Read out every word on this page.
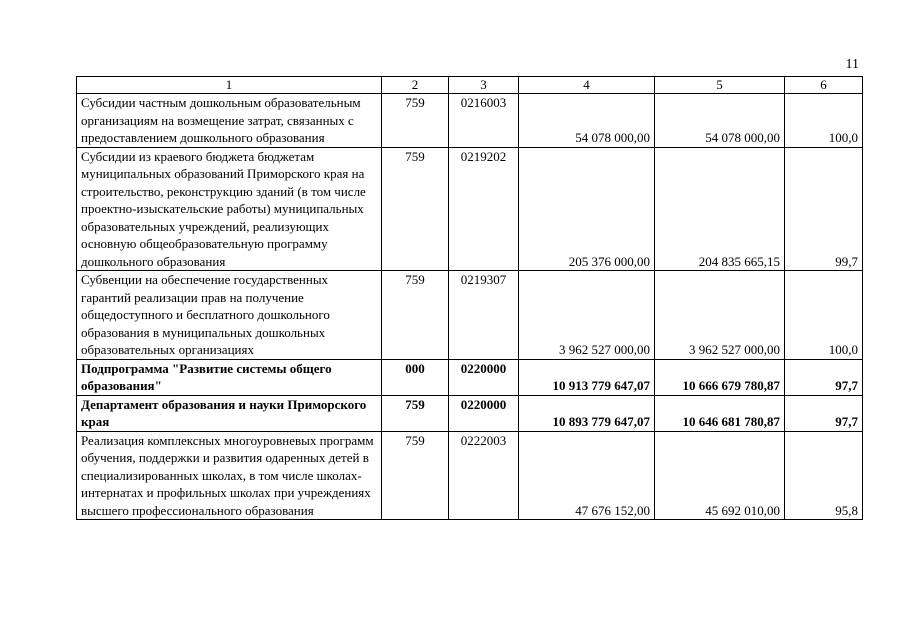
11
1	2	3	4	5	6
Субсидии частным дошкольным образовательным организациям на возмещение затрат, связанных с предоставлением дошкольного образования	759	0216003	54 078 000,00	54 078 000,00	100,0
Субсидии из краевого бюджета бюджетам муниципальных образований Приморского края на строительство, реконструкцию зданий (в том числе проектно-изыскательские работы) муниципальных образовательных учреждений, реализующих основную общеобразовательную программу дошкольного образования	759	0219202	205 376 000,00	204 835 665,15	99,7
Субвенции на обеспечение государственных гарантий реализации прав на получение общедоступного и бесплатного дошкольного образования в муниципальных дошкольных образовательных организациях	759	0219307	3 962 527 000,00	3 962 527 000,00	100,0
Подпрограмма "Развитие системы общего образования"	000	0220000	10 913 779 647,07	10 666 679 780,87	97,7
Департамент образования и науки Приморского края	759	0220000	10 893 779 647,07	10 646 681 780,87	97,7
Реализация комплексных многоуровневых программ обучения, поддержки и развития одаренных детей в специализированных школах, в том числе школах-интернатах и профильных школах при учреждениях высшего профессионального образования	759	0222003	47 676 152,00	45 692 010,00	95,8
